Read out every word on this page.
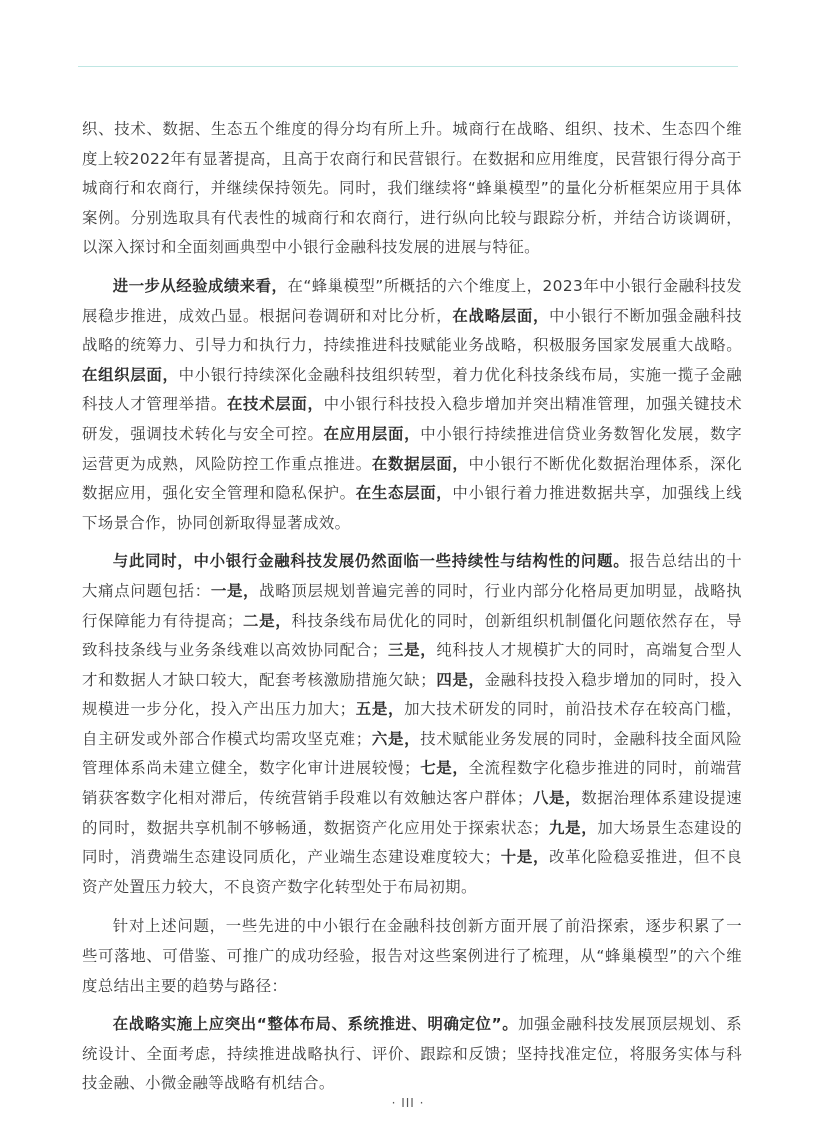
织、技术、数据、生态五个维度的得分均有所上升。城商行在战略、组织、技术、生态四个维度上较2022年有显著提高，且高于农商行和民营银行。在数据和应用维度，民营银行得分高于城商行和农商行，并继续保持领先。同时，我们继续将“蜂巢模型”的量化分析框架应用于具体案例。分别选取具有代表性的城商行和农商行，进行纵向比较与跟踪分析，并结合访谈调研，以深入探讨和全面刻画典型中小银行金融科技发展的进展与特征。

进一步从经验成绩来看，在“蜂巢模型”所概括的六个维度上，2023年中小银行金融科技发展稳步推进，成效凸显。根据问卷调研和对比分析，在战略层面，中小银行不断加强金融科技战略的统筹力、引导力和执行力，持续推进科技赋能业务战略，积极服务国家发展重大战略。在组织层面，中小银行持续深化金融科技组织转型，着力优化科技条线布局，实施一揽子金融科技人才管理举措。在技术层面，中小银行科技投入稳步增加并突出精准管理，加强关键技术研发，强调技术转化与安全可控。在应用层面，中小银行持续推进信贷业务数智化发展，数字运营更为成熟，风险防控工作重点推进。在数据层面，中小银行不断优化数据治理体系，深化数据应用，强化安全管理和隐私保护。在生态层面，中小银行着力推进数据共享，加强线上线下场景合作，协同创新取得显著成效。

与此同时，中小银行金融科技发展仍然面临一些持续性与结构性的问题。报告总结出的十大痛点问题包括：一是，战略顶层规划普遍完善的同时，行业内部分化格局更加明显，战略执行保障能力有待提高；二是，科技条线布局优化的同时，创新组织机制僵化问题依然存在，导致科技条线与业务条线难以高效协同配合；三是，纯科技人才规模扩大的同时，高端复合型人才和数据人才缺口较大，配套考核激励措施欠缺；四是，金融科技投入稳步增加的同时，投入规模进一步分化，投入产出压力加大；五是，加大技术研发的同时，前沿技术存在较高门槛，自主研发或外部合作模式均需攻坚克难；六是，技术赋能业务发展的同时，金融科技全面风险管理体系尚未建立健全，数字化审计进展较慢；七是，全流程数字化稳步推进的同时，前端营销获客数字化相对滞后，传统营销手段难以有效触达客户群体；八是，数据治理体系建设提速的同时，数据共享机制不够畅通，数据资产化应用处于探索状态；九是，加大场景生态建设的同时，消费端生态建设同质化，产业端生态建设难度较大；十是，改革化险稳妥推进，但不良资产处置压力较大，不良资产数字化转型处于布局初期。

针对上述问题，一些先进的中小银行在金融科技创新方面开展了前沿探索，逐步积累了一些可落地、可借鉴、可推广的成功经验，报告对这些案例进行了梳理，从“蜂巢模型”的六个维度总结出主要的趋势与路径：

在战略实施上应突出“整体布局、系统推进、明确定位”。加强金融科技发展顶层规划、系统设计、全面考虑，持续推进战略执行、评价、跟踪和反馈；坚持找准定位，将服务实体与科技金融、小微金融等战略有机结合。

· III ·
